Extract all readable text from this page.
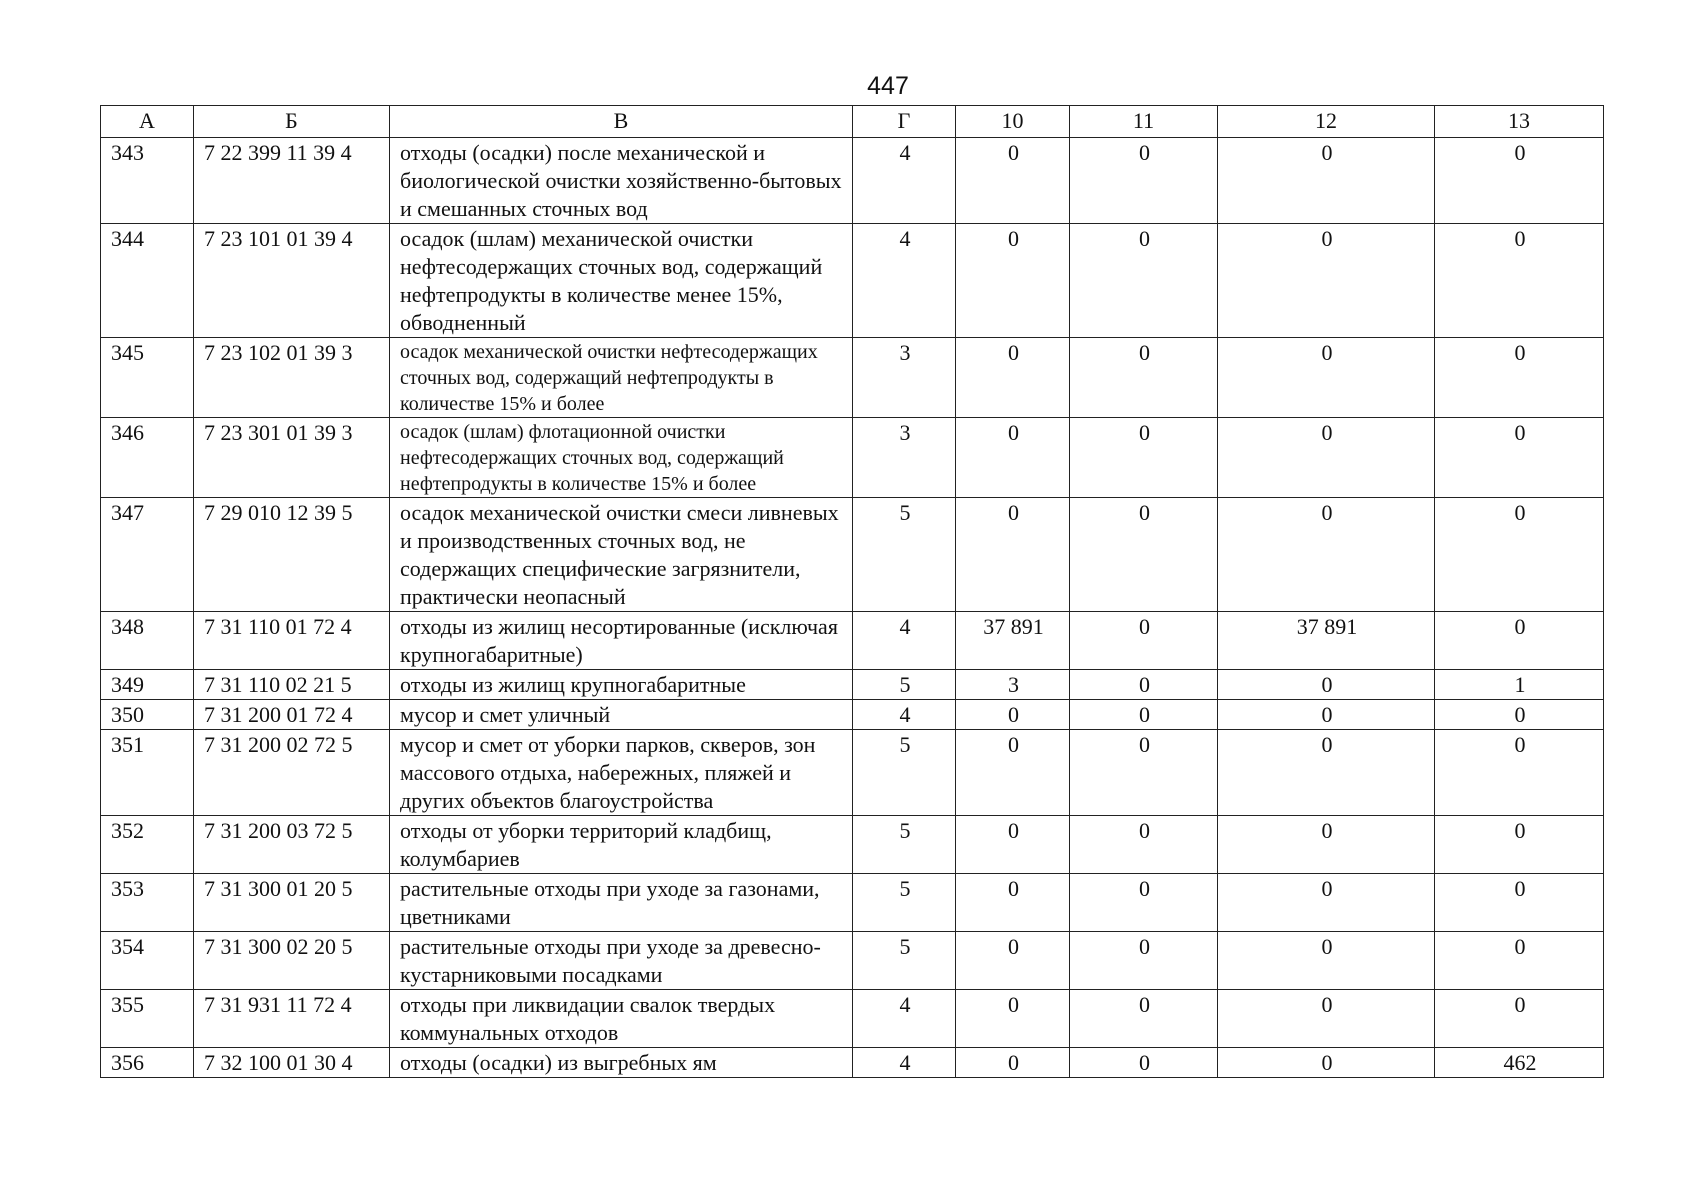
447
А	Б	В	Г	10	11	12	13
343	7 22 399 11 39 4	отходы (осадки) после механической и биологической очистки хозяйственно-бытовых и смешанных сточных вод	4	0	0	0	0
344	7 23 101 01 39 4	осадок (шлам) механической очистки нефтесодержащих сточных вод, содержащий нефтепродукты в количестве менее 15%, обводненный	4	0	0	0	0
345	7 23 102 01 39 3	осадок механической очистки нефтесодержащих сточных вод, содержащий нефтепродукты в количестве 15% и более	3	0	0	0	0
346	7 23 301 01 39 3	осадок (шлам) флотационной очистки нефтесодержащих сточных вод, содержащий нефтепродукты в количестве 15% и более	3	0	0	0	0
347	7 29 010 12 39 5	осадок механической очистки смеси ливневых и производственных сточных вод, не содержащих специфические загрязнители, практически неопасный	5	0	0	0	0
348	7 31 110 01 72 4	отходы из жилищ несортированные (исключая крупногабаритные)	4	37 891	0	37 891	0
349	7 31 110 02 21 5	отходы из жилищ крупногабаритные	5	3	0	0	1
350	7 31 200 01 72 4	мусор и смет уличный	4	0	0	0	0
351	7 31 200 02 72 5	мусор и смет от уборки парков, скверов, зон массового отдыха, набережных, пляжей и других объектов благоустройства	5	0	0	0	0
352	7 31 200 03 72 5	отходы от уборки территорий кладбищ, колумбариев	5	0	0	0	0
353	7 31 300 01 20 5	растительные отходы при уходе за газонами, цветниками	5	0	0	0	0
354	7 31 300 02 20 5	растительные отходы при уходе за древесно-кустарниковыми посадками	5	0	0	0	0
355	7 31 931 11 72 4	отходы при ликвидации свалок твердых коммунальных отходов	4	0	0	0	0
356	7 32 100 01 30 4	отходы (осадки) из выгребных ям	4	0	0	0	462
